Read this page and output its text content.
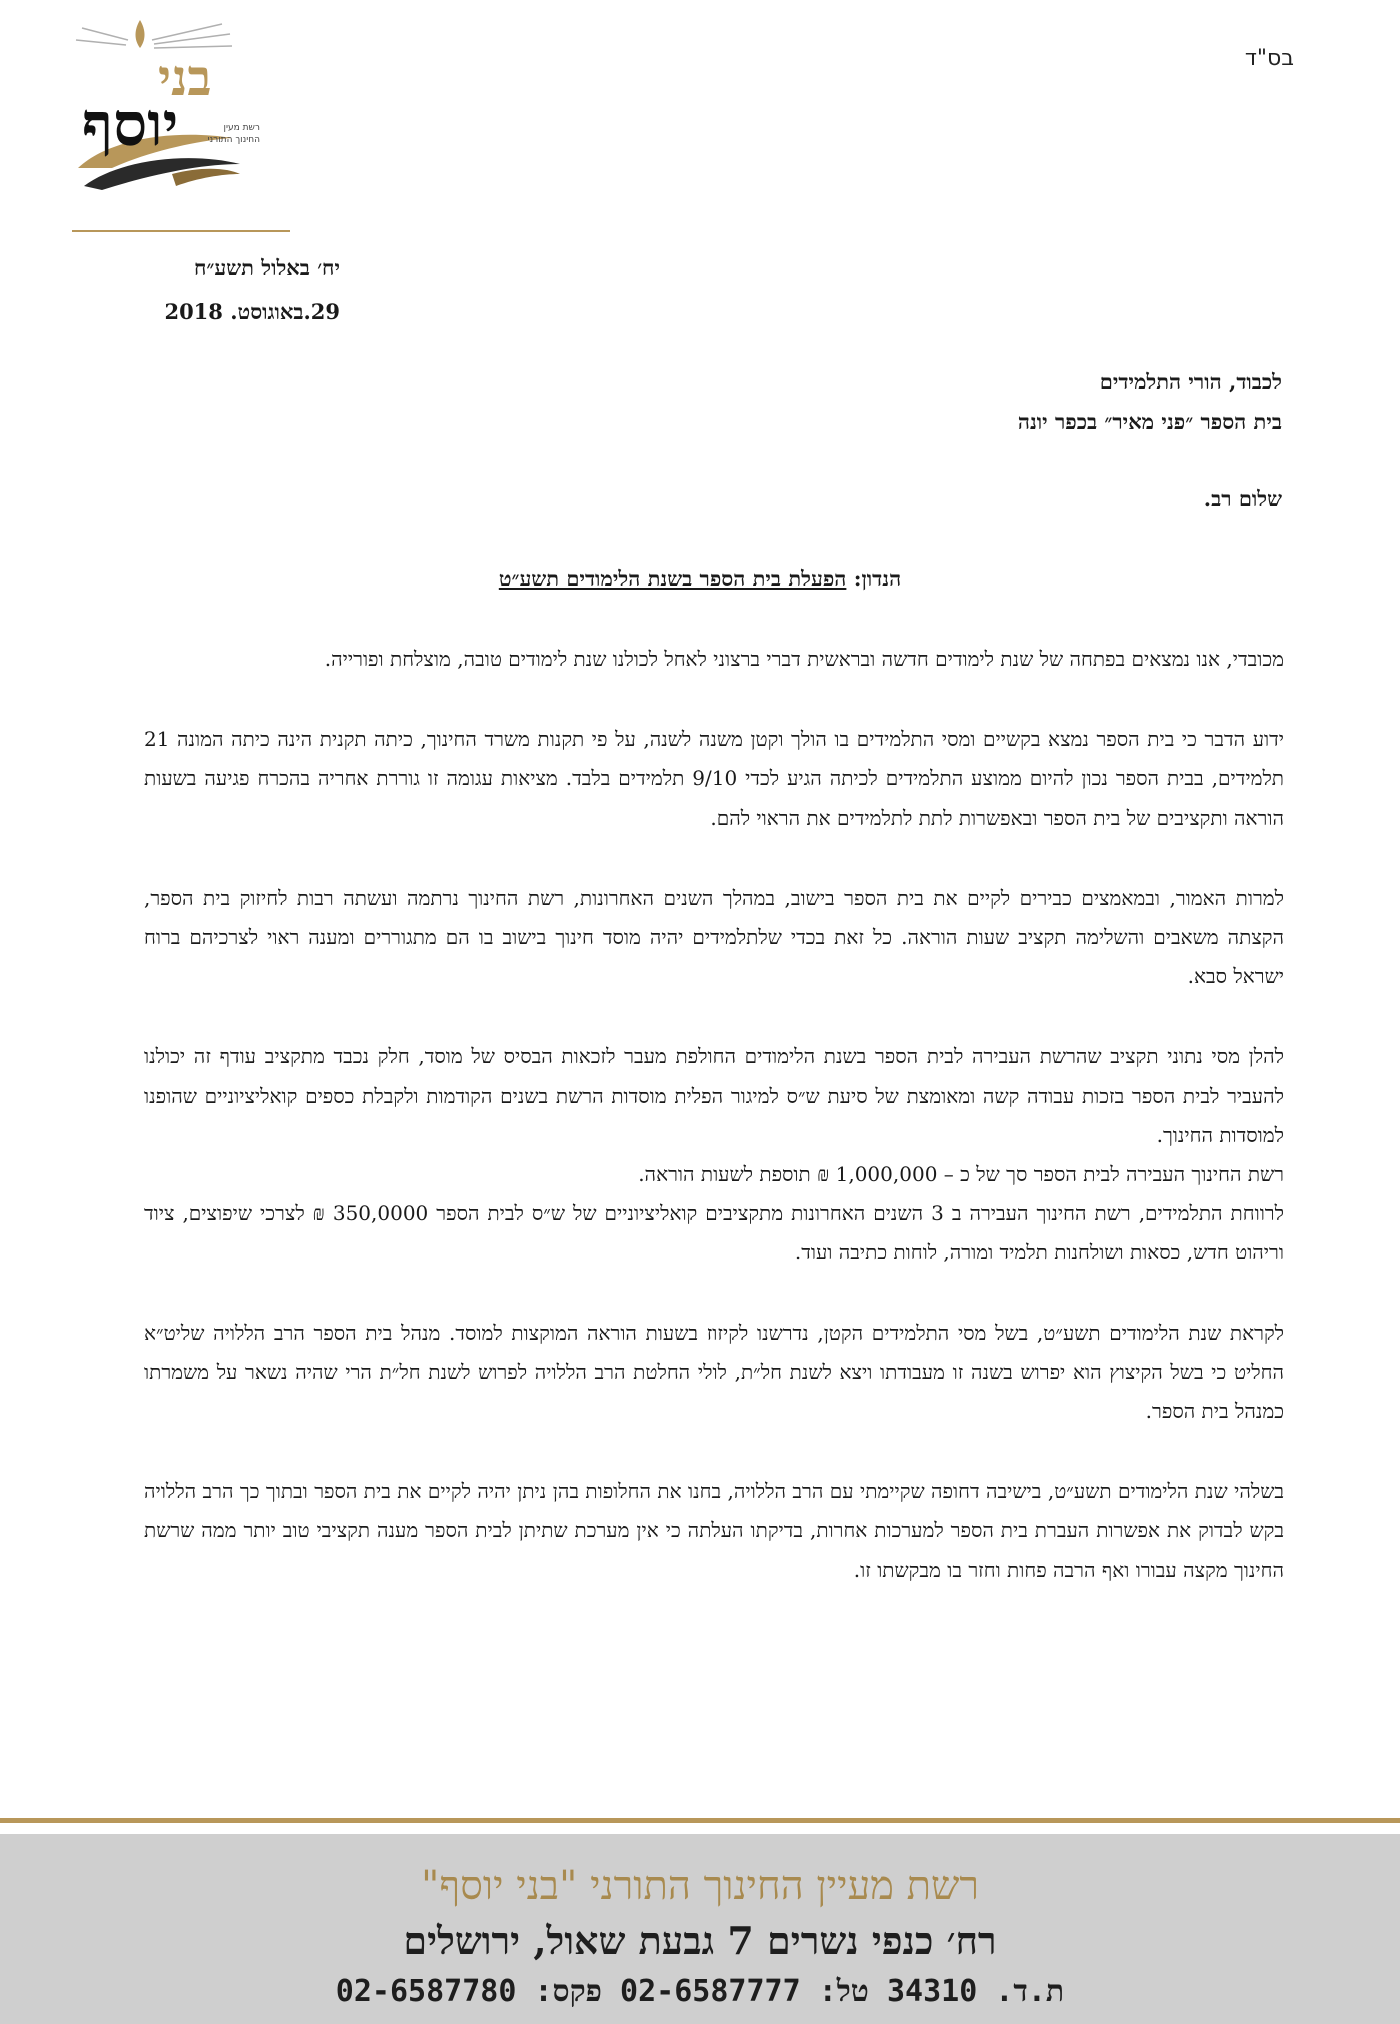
בס"ד
בני
יוסף	רשת מעין
החינוך התורני
יח׳ באלול תשע״ח
29.באוגוסט. 2018
לכבוד, הורי התלמידים
בית הספר ״פני מאיר״ בכפר יונה
שלום רב.
הנדון: הפעלת בית הספר בשנת הלימודים תשע״ט

מכובדי, אנו נמצאים בפתחה של שנת לימודים חדשה ובראשית דברי ברצוני לאחל לכולנו שנת לימודים טובה, מוצלחת ופורייה.

ידוע הדבר כי בית הספר נמצא בקשיים ומסי התלמידים בו הולך וקטן משנה לשנה, על פי תקנות משרד החינוך, כיתה תקנית הינה כיתה המונה 21 תלמידים, בבית הספר נכון להיום ממוצע התלמידים לכיתה הגיע לכדי 9/10 תלמידים בלבד. מציאות עגומה זו גוררת אחריה בהכרח פגיעה בשעות הוראה ותקציבים של בית הספר ובאפשרות לתת לתלמידים את הראוי להם.

למרות האמור, ובמאמצים כבירים לקיים את בית הספר בישוב, במהלך השנים האחרונות, רשת החינוך נרתמה ועשתה רבות לחיזוק בית הספר, הקצתה משאבים והשלימה תקציב שעות הוראה. כל זאת בכדי שלתלמידים יהיה מוסד חינוך בישוב בו הם מתגוררים ומענה ראוי לצרכיהם ברוח ישראל סבא.

להלן מסי נתוני תקציב שהרשת העבירה לבית הספר בשנת הלימודים החולפת מעבר לזכאות הבסיס של מוסד, חלק נכבד מתקציב עודף זה יכולנו להעביר לבית הספר בזכות עבודה קשה ומאומצת של סיעת ש״ס למיגור הפלית מוסדות הרשת בשנים הקודמות ולקבלת כספים קואליציוניים שהופנו למוסדות החינוך.

רשת החינוך העבירה לבית הספר סך של כ – 1,000,000 ₪ תוספת לשעות הוראה.

לרווחת התלמידים, רשת החינוך העבירה ב 3 השנים האחרונות מתקציבים קואליציוניים של ש״ס לבית הספר 350,0000 ₪ לצרכי שיפוצים, ציוד וריהוט חדש, כסאות ושולחנות תלמיד ומורה, לוחות כתיבה ועוד.

לקראת שנת הלימודים תשע״ט, בשל מסי התלמידים הקטן, נדרשנו לקיזוז בשעות הוראה המוקצות למוסד. מנהל בית הספר הרב הללויה שליט״א החליט כי בשל הקיצוץ הוא יפרוש בשנה זו מעבודתו ויצא לשנת חל״ת, לולי החלטת הרב הללויה לפרוש לשנת חל״ת הרי שהיה נשאר על משמרתו כמנהל בית הספר.

בשלהי שנת הלימודים תשע״ט, בישיבה דחופה שקיימתי עם הרב הללויה, בחנו את החלופות בהן ניתן יהיה לקיים את בית הספר ובתוך כך הרב הללויה בקש לבדוק את אפשרות העברת בית הספר למערכות אחרות, בדיקתו העלתה כי אין מערכת שתיתן לבית הספר מענה תקציבי טוב יותר ממה שרשת החינוך מקצה עבורו ואף הרבה פחות וחזר בו מבקשתו זו.

רשת מעיין החינוך התורני "בני יוסף"
רח׳ כנפי נשרים 7 גבעת שאול, ירושלים
ת.ד. 34310 טל: 02-6587777 פקס: 02-6587780
